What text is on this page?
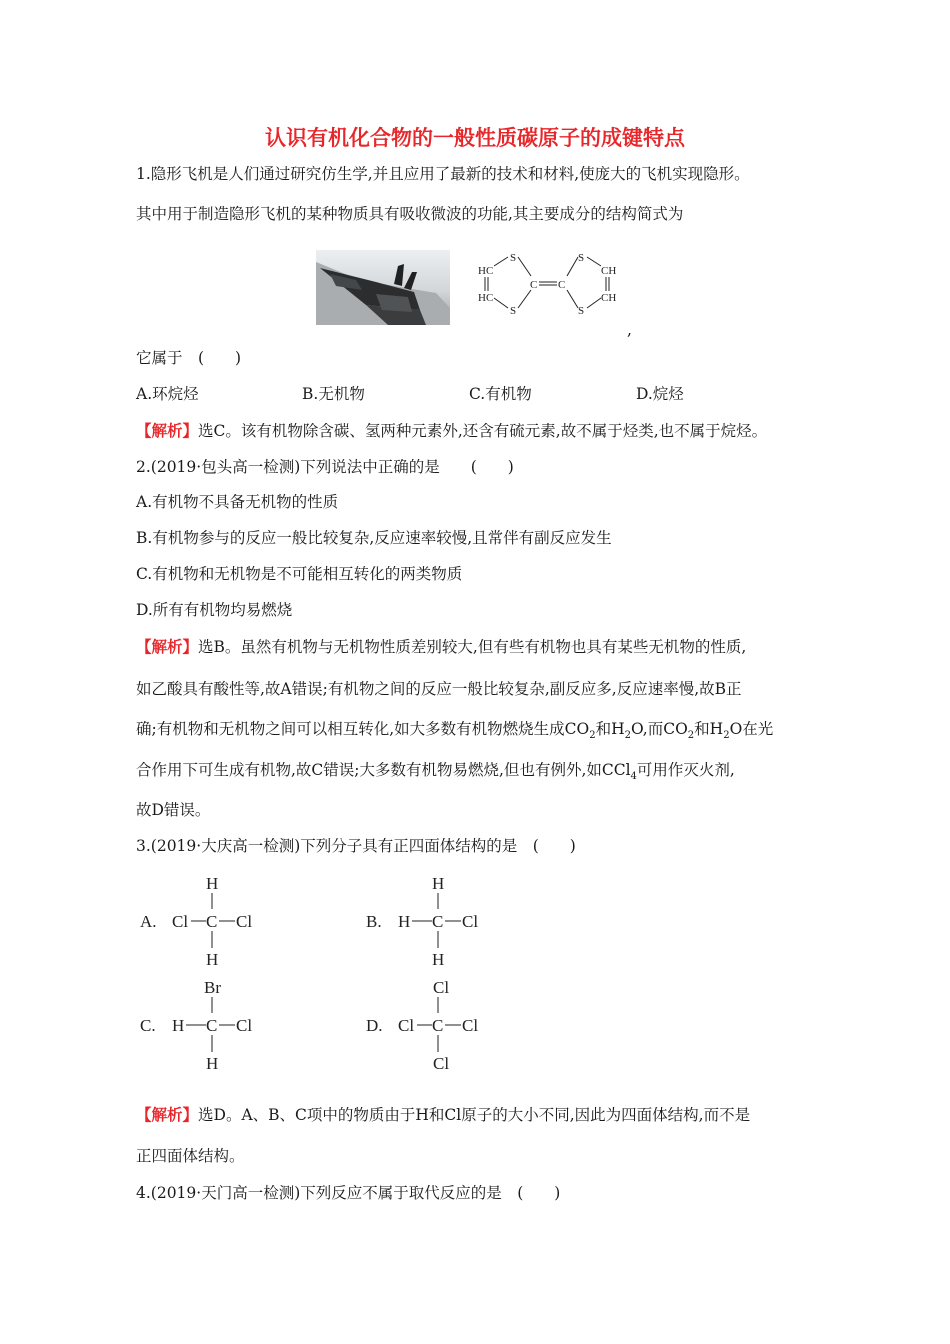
认识有机化合物的一般性质碳原子的成键特点
1.隐形飞机是人们通过研究仿生学,并且应用了最新的技术和材料,使庞大的飞机实现隐形。
其中用于制造隐形飞机的某种物质具有吸收微波的功能,其主要成分的结构简式为
HC
HC
S
S
C C
S
S
CH
CH
,
它属于　(　　)
A.环烷烃	B.无机物	C.有机物	D.烷烃
【解析】选C。该有机物除含碳、氢两种元素外,还含有硫元素,故不属于烃类,也不属于烷烃。
2.(2019·包头高一检测)下列说法中正确的是　　(　　)
A.有机物不具备无机物的性质
B.有机物参与的反应一般比较复杂,反应速率较慢,且常伴有副反应发生
C.有机物和无机物是不可能相互转化的两类物质
D.所有有机物均易燃烧
【解析】选B。虽然有机物与无机物性质差别较大,但有些有机物也具有某些无机物的性质,
如乙酸具有酸性等,故A错误;有机物之间的反应一般比较复杂,副反应多,反应速率慢,故B正
确;有机物和无机物之间可以相互转化,如大多数有机物燃烧生成$CO_2$和$H_2O$,而$CO_2$和$H_2O$在光
合作用下可生成有机物,故C错误;大多数有机物易燃烧,但也有例外,如CCl$_4$可用作灭火剂,
故D错误。
3.(2019·大庆高一检测)下列分子具有正四面体结构的是　(　　)
A.
H
Cl C Cl
H
B.
H
H C Cl
H
C.
Br
H C Cl
H
D.
Cl
Cl C Cl
Cl
【解析】选D。A、B、C项中的物质由于H和Cl原子的大小不同,因此为四面体结构,而不是
正四面体结构。
4.(2019·天门高一检测)下列反应不属于取代反应的是　(　　)
